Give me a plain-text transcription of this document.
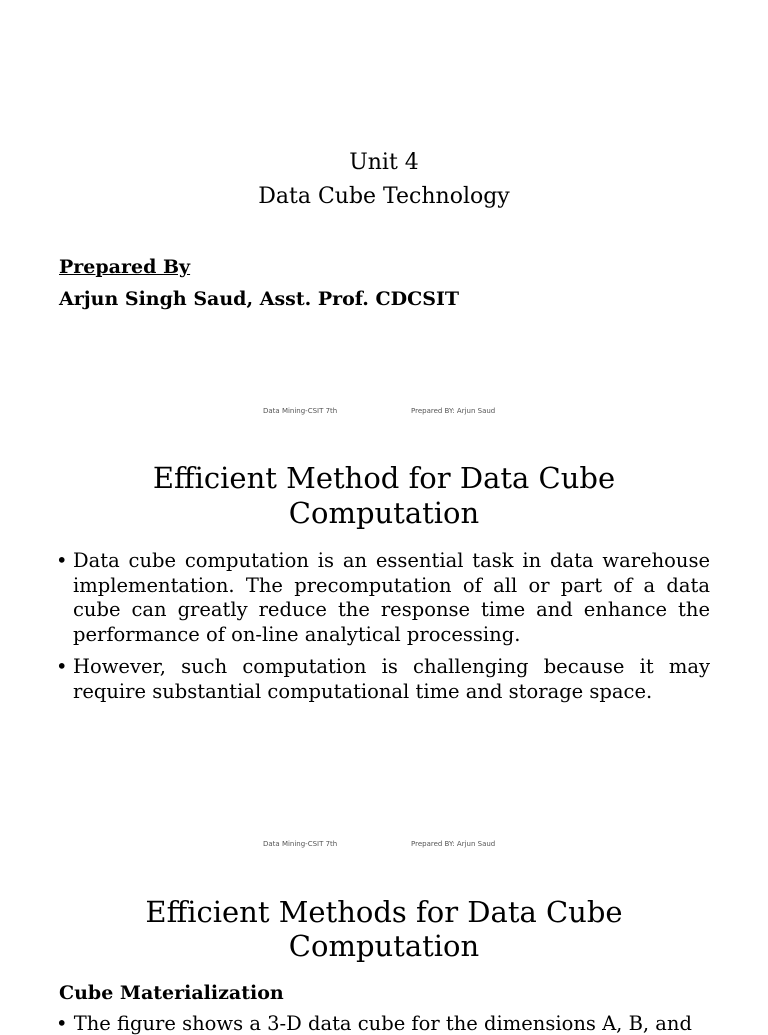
Unit 4
Data Cube Technology
Prepared By
Arjun Singh Saud, Asst. Prof. CDCSIT
Data Mining-CSIT 7th	Prepared BY: Arjun Saud
Efficient Method for Data Cube
Computation
• Data cube computation is an essential task in data warehouse implementation. The precomputation of all or part of a data cube can greatly reduce the response time and enhance the performance of on-line analytical processing.
• However, such computation is challenging because it may require substantial computational time and storage space.
Data Mining-CSIT 7th	Prepared BY: Arjun Saud
Efficient Methods for Data Cube
Computation
Cube Materialization
• The figure shows a 3-D data cube for the dimensions A, B, and
